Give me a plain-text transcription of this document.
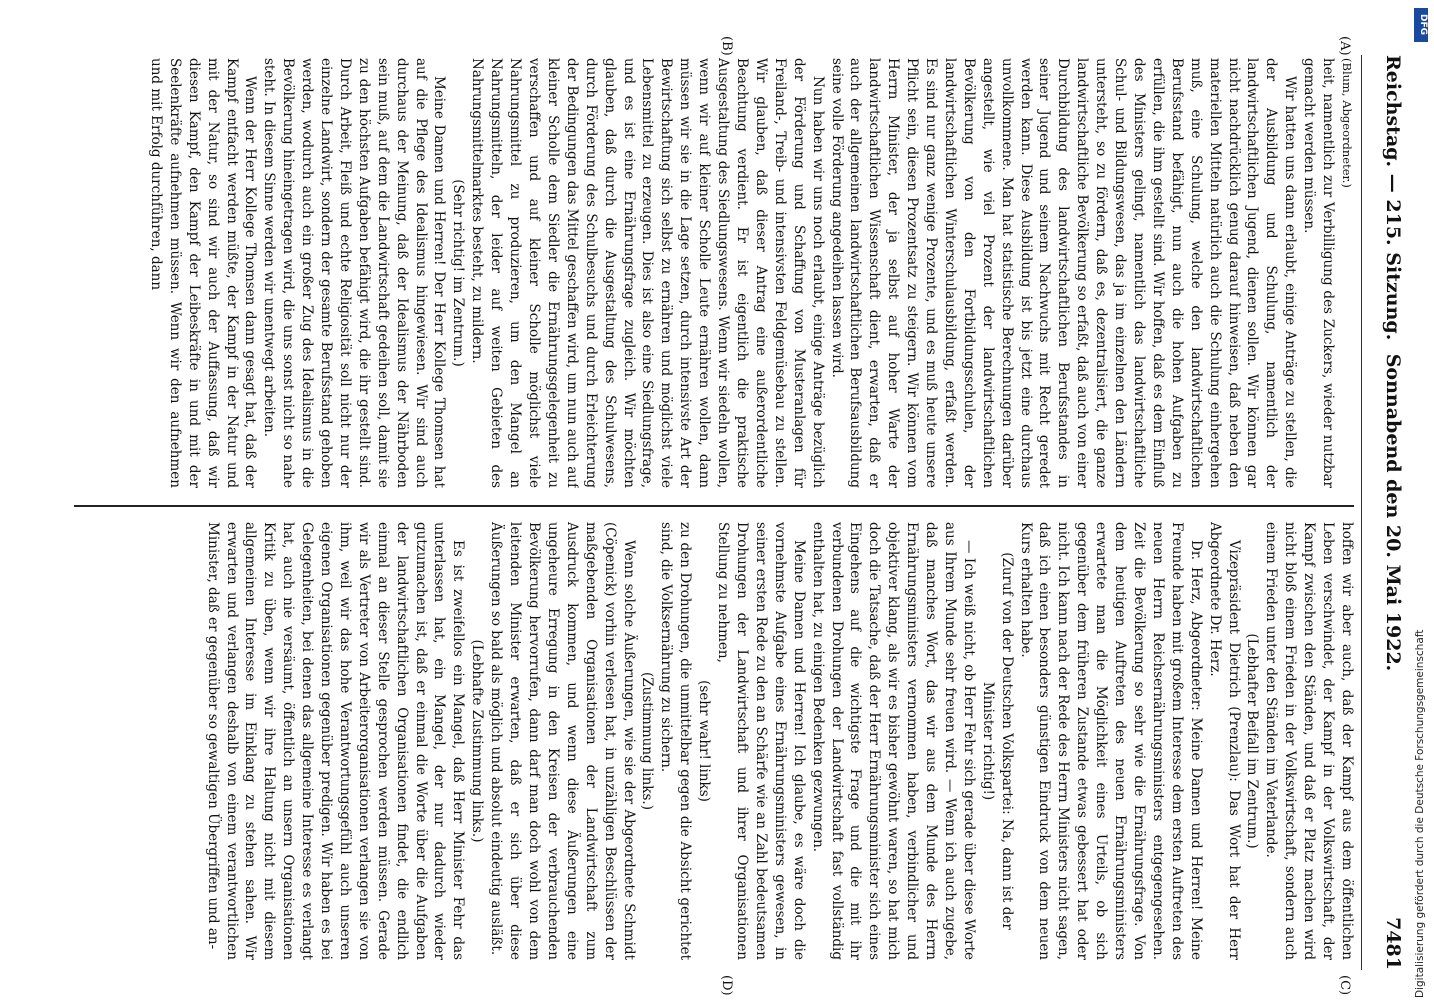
Reichstag. — 215. Sitzung.
Sonnabend den 20. Mai 1922.
7481
(A)
(B)
(C)
(D)

(Blum, Abgeordneter.)

heit, namentlich zur Verbilligung des Zuckers, wieder nutzbar gemacht werden müssen.

Wir hatten uns dann erlaubt, einige Anträge zu stellen, die der Ausbildung und Schulung, namentlich der landwirtschaftlichen Jugend, dienen sollen. Wir können gar nicht nachdrücklich genug darauf hinweisen, daß neben den materiellen Mitteln natürlich auch die Schulung einhergehen muß, eine Schulung, welche den landwirtschaftlichen Berufsstand befähigt, nun auch die hohen Aufgaben zu erfüllen, die ihm gestellt sind. Wir hoffen, daß es dem Einfluß des Ministers gelingt, namentlich das landwirtschaftliche Schul- und Bildungswesen, das ja im einzelnen den Ländern untersteht, so zu fördern, daß es, dezentralisiert, die ganze landwirtschaftliche Bevölkerung so erfaßt, daß auch von einer Durchbildung des landwirtschaftlichen Berufsstandes in seiner Jugend und seinem Nachwuchs mit Recht geredet werden kann. Diese Ausbildung ist bis jetzt eine durchaus unvollkommene. Man hat statistische Berechnungen darüber angestellt, wie viel Prozent der landwirtschaftlichen Bevölkerung von den Fortbildungsschulen, der landwirtschaftlichen Winterschulausbildung, erfaßt werden. Es sind nur ganz wenige Prozente, und es muß heute unsere Pflicht sein, diesen Prozentsatz zu steigern. Wir können vom Herrn Minister, der ja selbst auf hoher Warte der landwirtschaftlichen Wissenschaft dient, erwarten, daß er auch der allgemeinen landwirtschaftlichen Berufsausbildung seine volle Förderung angedeihen lassen wird.

Nun haben wir uns noch erlaubt, einige Anträge bezüglich der Förderung und Schaffung von Musteranlagen für Freiland-, Treib- und intensivsten Feldgemüsebau zu stellen. Wir glauben, daß dieser Antrag eine außerordentliche Beachtung verdient. Er ist eigentlich die praktische Ausgestaltung des Siedlungswesens. Wenn wir siedeln wollen, wenn wir auf kleiner Scholle Leute ernähren wollen, dann müssen wir sie in die Lage setzen, durch intensivste Art der Bewirtschaftung sich selbst zu ernähren und möglichst viele Lebensmittel zu erzeugen. Dies ist also eine Siedlungsfrage, und es ist eine Ernährungsfrage zugleich. Wir möchten glauben, daß durch die Ausgestaltung des Schulwesens, durch Förderung des Schulbesuchs und durch Erleichterung der Bedingungen das Mittel geschaffen wird, um nun auch auf kleiner Scholle dem Siedler die Ernährungsgelegenheit zu verschaffen und auf kleiner Scholle möglichst viele Nahrungsmittel zu produzieren, um den Mangel an Nahrungsmitteln, der leider auf weiten Gebieten des Nahrungsmittelmarktes besteht, zu mildern.

(Sehr richtig! im Zentrum.)

Meine Damen und Herren! Der Herr Kollege Thomsen hat auf die Pflege des Idealismus hingewiesen. Wir sind auch durchaus der Meinung, daß der Idealismus der Nährboden sein muß, auf dem die Landwirtschaft gedeihen soll, damit sie zu den höchsten Aufgaben befähigt wird, die ihr gestellt sind. Durch Arbeit, Fleiß und echte Religiosität soll nicht nur der einzelne Landwirt, sondern der gesamte Berufsstand gehoben werden, wodurch auch ein großer Zug des Idealismus in die Bevölkerung hineingetragen wird, die uns sonst nicht so nahe steht. In diesem Sinne werden wir unentwegt arbeiten.

Wenn der Herr Kollege Thomsen dann gesagt hat, daß der Kampf entfacht werden müßte, der Kampf in der Natur und mit der Natur, so sind wir auch der Auffassung, daß wir diesen Kampf, den Kampf der Leibeskräfte in und mit der Seelenkräfte aufnehmen müssen. Wenn wir den aufnehmen und mit Erfolg durchführen, dann

hoffen wir aber auch, daß der Kampf aus dem öffentlichen Leben verschwindet, der Kampf in der Volkswirtschaft, der Kampf zwischen den Ständen, und daß er Platz machen wird nicht bloß einem Frieden in der Volkswirtschaft, sondern auch einem Frieden unter den Ständen im Vaterlande.

(Lebhafter Beifall im Zentrum.)

Vizepräsident Dietrich (Prenzlau): Das Wort hat der Herr Abgeordnete Dr. Herz.

Dr. Herz, Abgeordneter: Meine Damen und Herren! Meine Freunde haben mit großem Interesse dem ersten Auftreten des neuen Herrn Reichsernährungsministers entgegengesehen. Zeit die Bevölkerung so sehr wie die Ernährungsfrage. Von dem heutigen Auftreten des neuen Ernährungsministers erwartete man die Möglichkeit eines Urteils, ob sich gegenüber dem früheren Zustande etwas gebessert hat oder nicht. Ich kann nach der Rede des Herrn Ministers nicht sagen, daß ich einen besonders günstigen Eindruck von dem neuen Kurs erhalten habe.

(Zuruf von der Deutschen Volkspartei: Na, dann ist der Minister richtig!)

— Ich weiß nicht, ob Herr Fehr sich gerade über diese Worte aus Ihrem Munde sehr freuen wird. — Wenn ich auch zugebe, daß manches Wort, das wir aus dem Munde des Herrn Ernährungsministers vernommen haben, verbindlicher und objektiver klang, als wir es bisher gewöhnt waren, so hat mich doch die Tatsache, daß der Herr Ernährungsminister sich eines Eingehens auf die wichtigste Frage und die mit ihr verbundenen Drohungen der Landwirtschaft fast vollständig enthalten hat, zu einigen Bedenken gezwungen.

Meine Damen und Herren! Ich glaube, es wäre doch die vornehmste Aufgabe eines Ernährungsministers gewesen, in seiner ersten Rede zu den an Schärfe wie an Zahl bedeutsamen Drohungen der Landwirtschaft und ihrer Organisationen Stellung zu nehmen,

(sehr wahr! links)

zu den Drohungen, die unmittelbar gegen die Absicht gerichtet sind, die Volksernährung zu sichern.

(Zustimmung links.)

Wenn solche Äußerungen, wie sie der Abgeordnete Schmidt (Cöpenick) vorhin verlesen hat, in unzähligen Beschlüssen der maßgebenden Organisationen der Landwirtschaft zum Ausdruck kommen, und wenn diese Äußerungen eine ungeheure Erregung in den Kreisen der verbrauchenden Bevölkerung hervorrufen, dann darf man doch wohl von dem leitenden Minister erwarten, daß er sich über diese Äußerungen so bald als möglich und absolut eindeutig ausläßt.

(Lebhafte Zustimmung links.)

Es ist zweifellos ein Mangel, daß Herr Minister Fehr das unterlassen hat, ein Mangel, der nur dadurch wieder gutzumachen ist, daß er einmal die Worte über die Aufgaben der landwirtschaftlichen Organisationen findet, die endlich einmal an dieser Stelle gesprochen werden müssen. Gerade wir als Vertreter von Arbeiterorganisationen verlangen sie von ihm, weil wir das hohe Verantwortungsgefühl auch unseren eigenen Organisationen gegenüber predigen. Wir haben es bei Gelegenheiten, bei denen das allgemeine Interesse es verlangt hat, auch nie versäumt, öffentlich an unsern Organisationen Kritik zu üben, wenn wir ihre Haltung nicht mit diesem allgemeinen Interesse im Einklang zu stehen sahen. Wir erwarten und verlangen deshalb von einem verantwortlichen Minister, daß er gegenüber so gewaltigen Übergriffen und an-	Digitalisierung gefördert durch die Deutsche Forschungsgemeinschaft
DFG
